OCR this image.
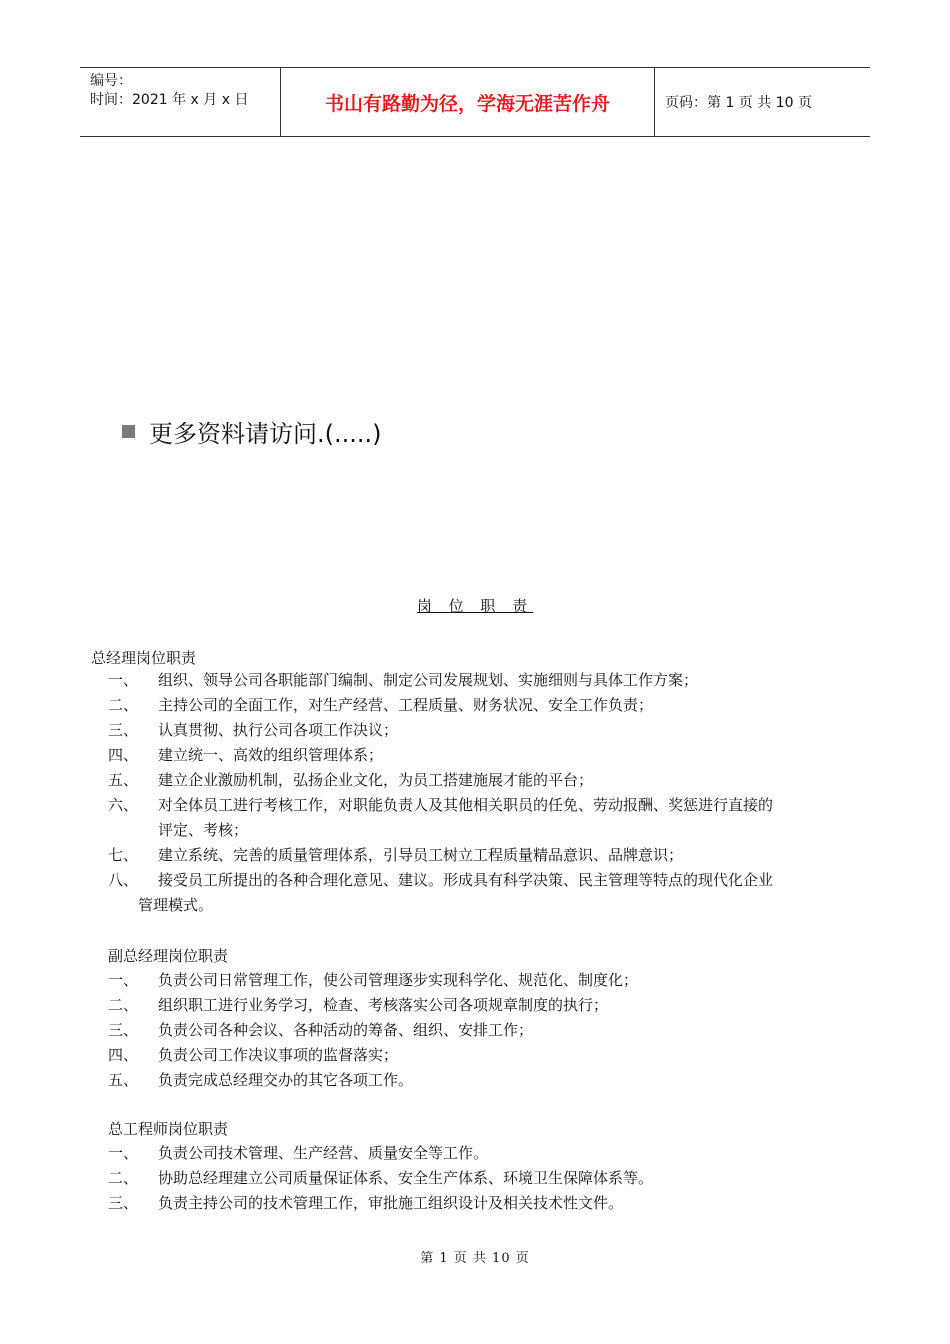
编号：
时间：2021 年 x 月 x 日	书山有路勤为径，学海无涯苦作舟	页码：第 1 页 共 10 页
更多资料请访问.(.....)
岗 位 职 责
总经理岗位职责
一、 组织、领导公司各职能部门编制、制定公司发展规划、实施细则与具体工作方案；
二、 主持公司的全面工作，对生产经营、工程质量、财务状况、安全工作负责；
三、 认真贯彻、执行公司各项工作决议；
四、 建立统一、高效的组织管理体系；
五、 建立企业激励机制，弘扬企业文化，为员工搭建施展才能的平台；
六、 对全体员工进行考核工作，对职能负责人及其他相关职员的任免、劳动报酬、奖惩进行直接的
评定、考核；
七、 建立系统、完善的质量管理体系，引导员工树立工程质量精品意识、品牌意识；
八、 接受员工所提出的各种合理化意见、建议。形成具有科学决策、民主管理等特点的现代化企业
管理模式。
副总经理岗位职责
一、 负责公司日常管理工作，使公司管理逐步实现科学化、规范化、制度化；
二、 组织职工进行业务学习，检查、考核落实公司各项规章制度的执行；
三、 负责公司各种会议、各种活动的筹备、组织、安排工作；
四、 负责公司工作决议事项的监督落实；
五、 负责完成总经理交办的其它各项工作。
总工程师岗位职责
一、 负责公司技术管理、生产经营、质量安全等工作。
二、 协助总经理建立公司质量保证体系、安全生产体系、环境卫生保障体系等。
三、 负责主持公司的技术管理工作，审批施工组织设计及相关技术性文件。
第 1 页 共 10 页
